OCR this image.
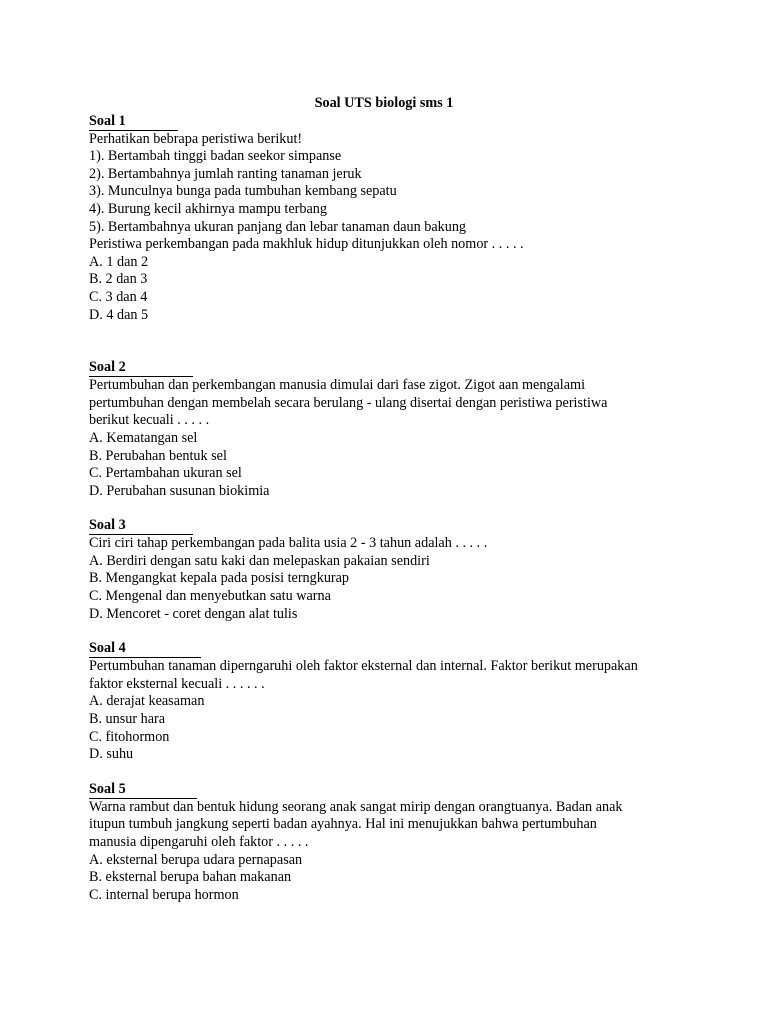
Soal UTS biologi sms 1
Soal 1
Perhatikan bebrapa peristiwa berikut!
1). Bertambah tinggi badan seekor simpanse
2). Bertambahnya jumlah ranting tanaman jeruk
3). Munculnya bunga pada tumbuhan kembang sepatu
4). Burung kecil akhirnya mampu terbang
5). Bertambahnya ukuran panjang dan lebar tanaman daun bakung
Peristiwa perkembangan pada makhluk hidup ditunjukkan oleh nomor . . . . .
A. 1 dan 2
B. 2 dan 3
C. 3 dan 4
D. 4 dan 5
Soal 2
Pertumbuhan dan perkembangan manusia dimulai dari fase zigot. Zigot aan mengalami
pertumbuhan dengan membelah secara berulang - ulang disertai dengan peristiwa peristiwa
berikut kecuali . . . . .
A. Kematangan sel
B. Perubahan bentuk sel
C. Pertambahan ukuran sel
D. Perubahan susunan biokimia
Soal 3
Ciri ciri tahap perkembangan pada balita usia 2 - 3 tahun adalah . . . . .
A. Berdiri dengan satu kaki dan melepaskan pakaian sendiri
B. Mengangkat kepala pada posisi terngkurap
C. Mengenal dan menyebutkan satu warna
D. Mencoret - coret dengan alat tulis
Soal 4
Pertumbuhan tanaman diperngaruhi oleh faktor eksternal dan internal. Faktor berikut merupakan
faktor eksternal kecuali . . . . . .
A. derajat keasaman
B. unsur hara
C. fitohormon
D. suhu
Soal 5
Warna rambut dan bentuk hidung seorang anak sangat mirip dengan orangtuanya. Badan anak
itupun tumbuh jangkung seperti badan ayahnya. Hal ini menujukkan bahwa pertumbuhan
manusia dipengaruhi oleh faktor . . . . .
A. eksternal berupa udara pernapasan
B. eksternal berupa bahan makanan
C. internal berupa hormon
